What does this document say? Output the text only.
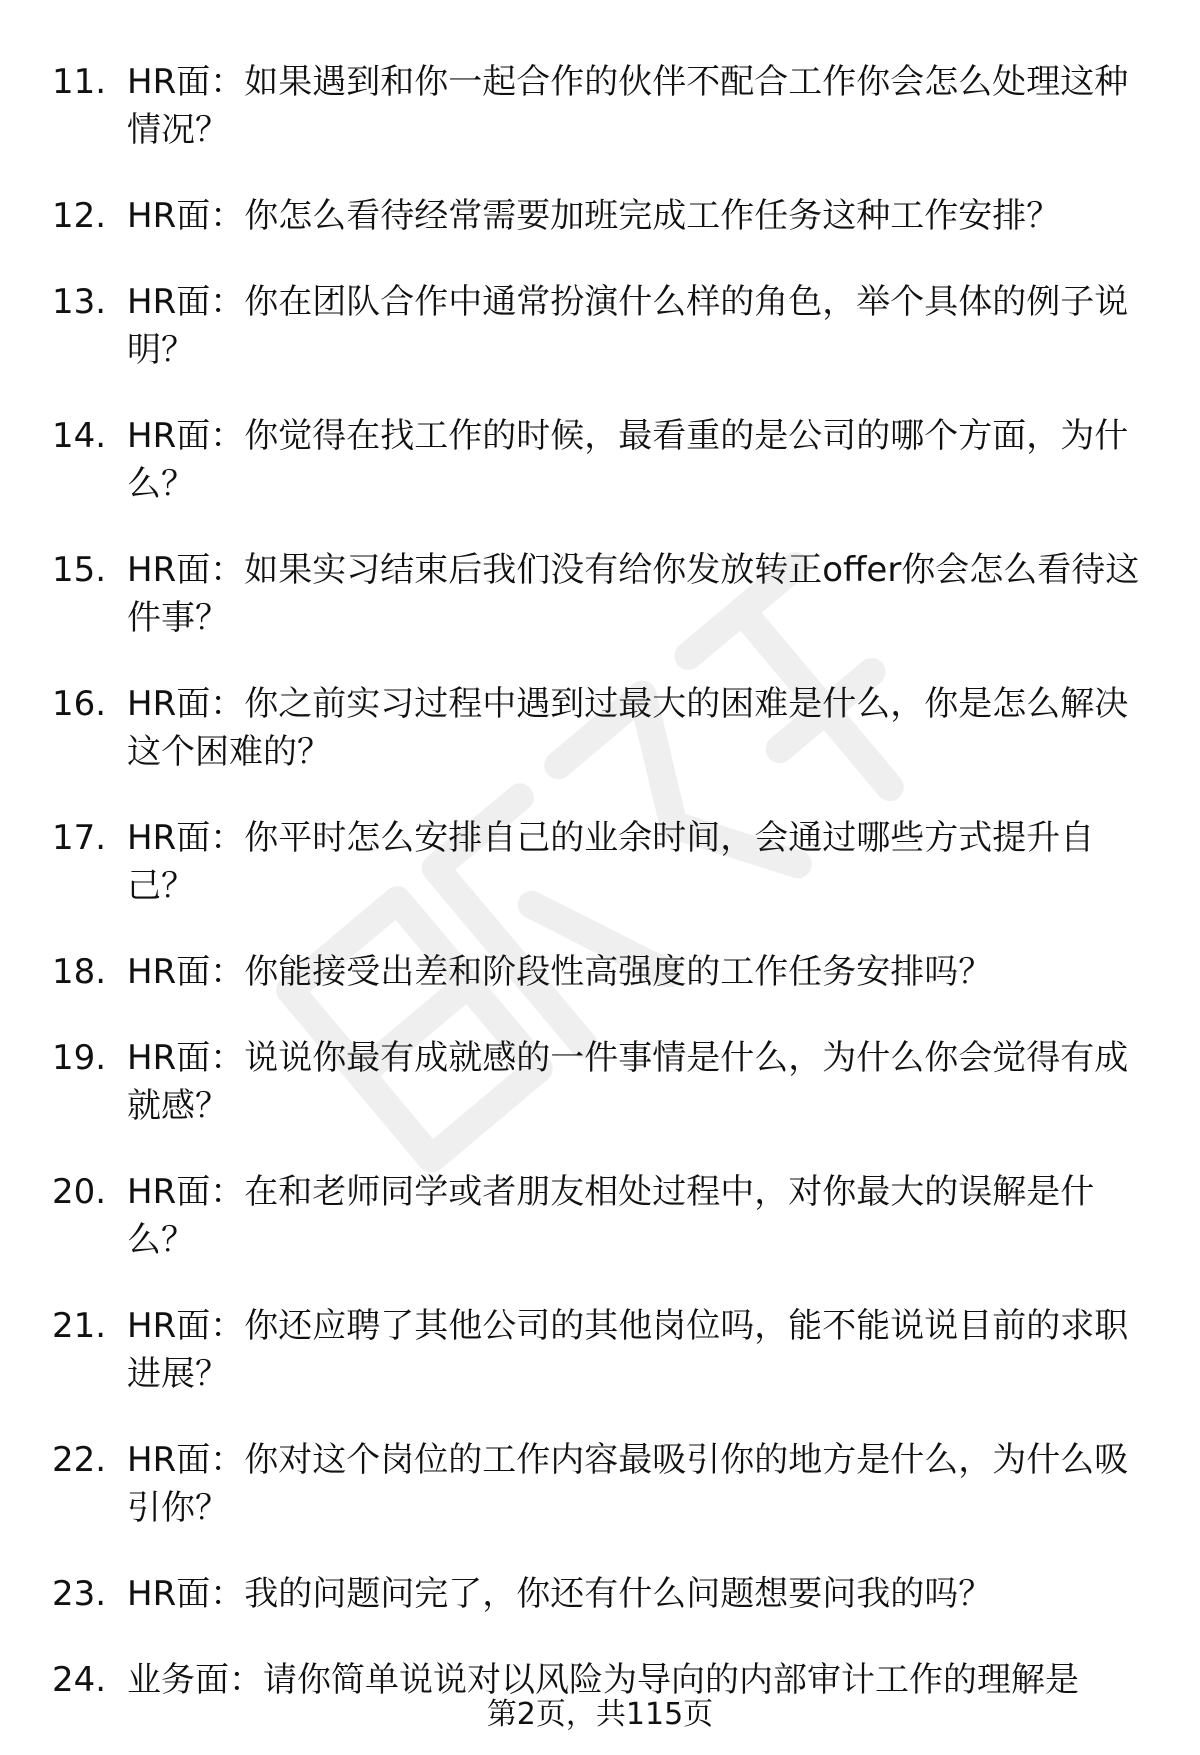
11. HR面：如果遇到和你一起合作的伙伴不配合工作你会怎么处理这种情况？
12. HR面：你怎么看待经常需要加班完成工作任务这种工作安排？
13. HR面：你在团队合作中通常扮演什么样的角色，举个具体的例子说明？
14. HR面：你觉得在找工作的时候，最看重的是公司的哪个方面，为什么？
15. HR面：如果实习结束后我们没有给你发放转正offer你会怎么看待这件事？
16. HR面：你之前实习过程中遇到过最大的困难是什么，你是怎么解决这个困难的？
17. HR面：你平时怎么安排自己的业余时间，会通过哪些方式提升自己？
18. HR面：你能接受出差和阶段性高强度的工作任务安排吗？
19. HR面：说说你最有成就感的一件事情是什么，为什么你会觉得有成就感？
20. HR面：在和老师同学或者朋友相处过程中，对你最大的误解是什么？
21. HR面：你还应聘了其他公司的其他岗位吗，能不能说说目前的求职进展？
22. HR面：你对这个岗位的工作内容最吸引你的地方是什么，为什么吸引你？
23. HR面：我的问题问完了，你还有什么问题想要问我的吗？
24. 业务面：请你简单说说对以风险为导向的内部审计工作的理解是
第2页，共115页
